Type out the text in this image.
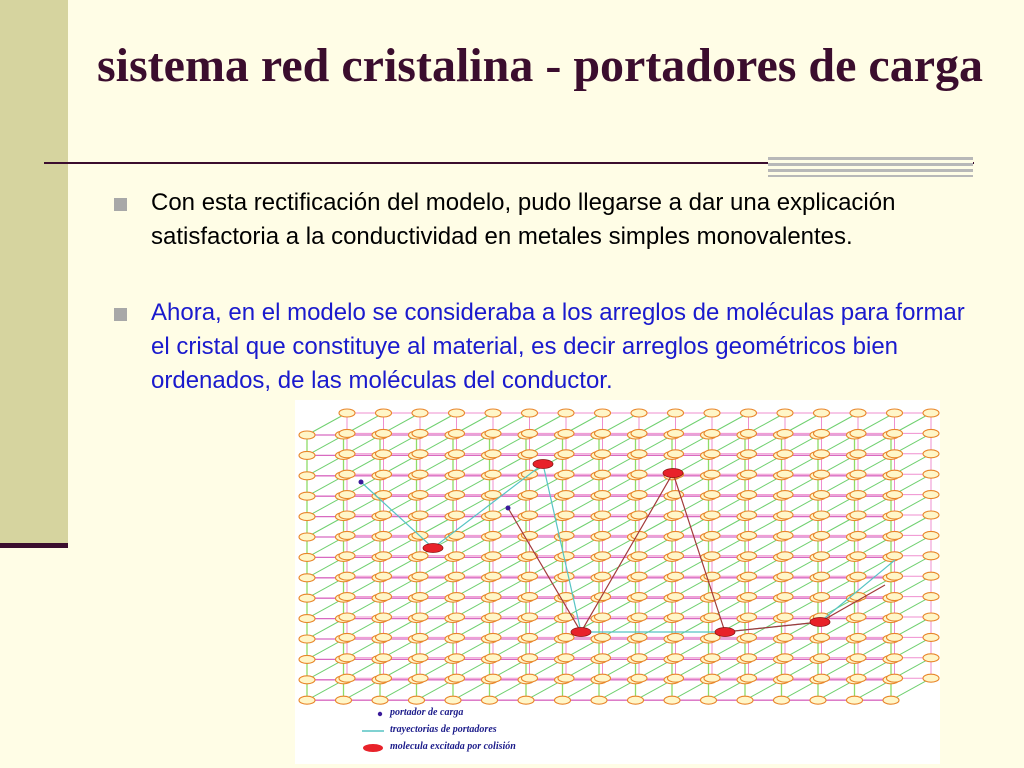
sistema red cristalina - portadores de carga
Con esta rectificación del modelo, pudo llegarse a dar una explicación satisfactoria a la conductividad en metales simples monovalentes.
Ahora, en el modelo se consideraba a los arreglos de moléculas para formar el cristal que constituye al material, es decir arreglos geométricos bien ordenados, de las moléculas del conductor.
portador de carga
trayectorias de portadores
molecula excitada por colisión
